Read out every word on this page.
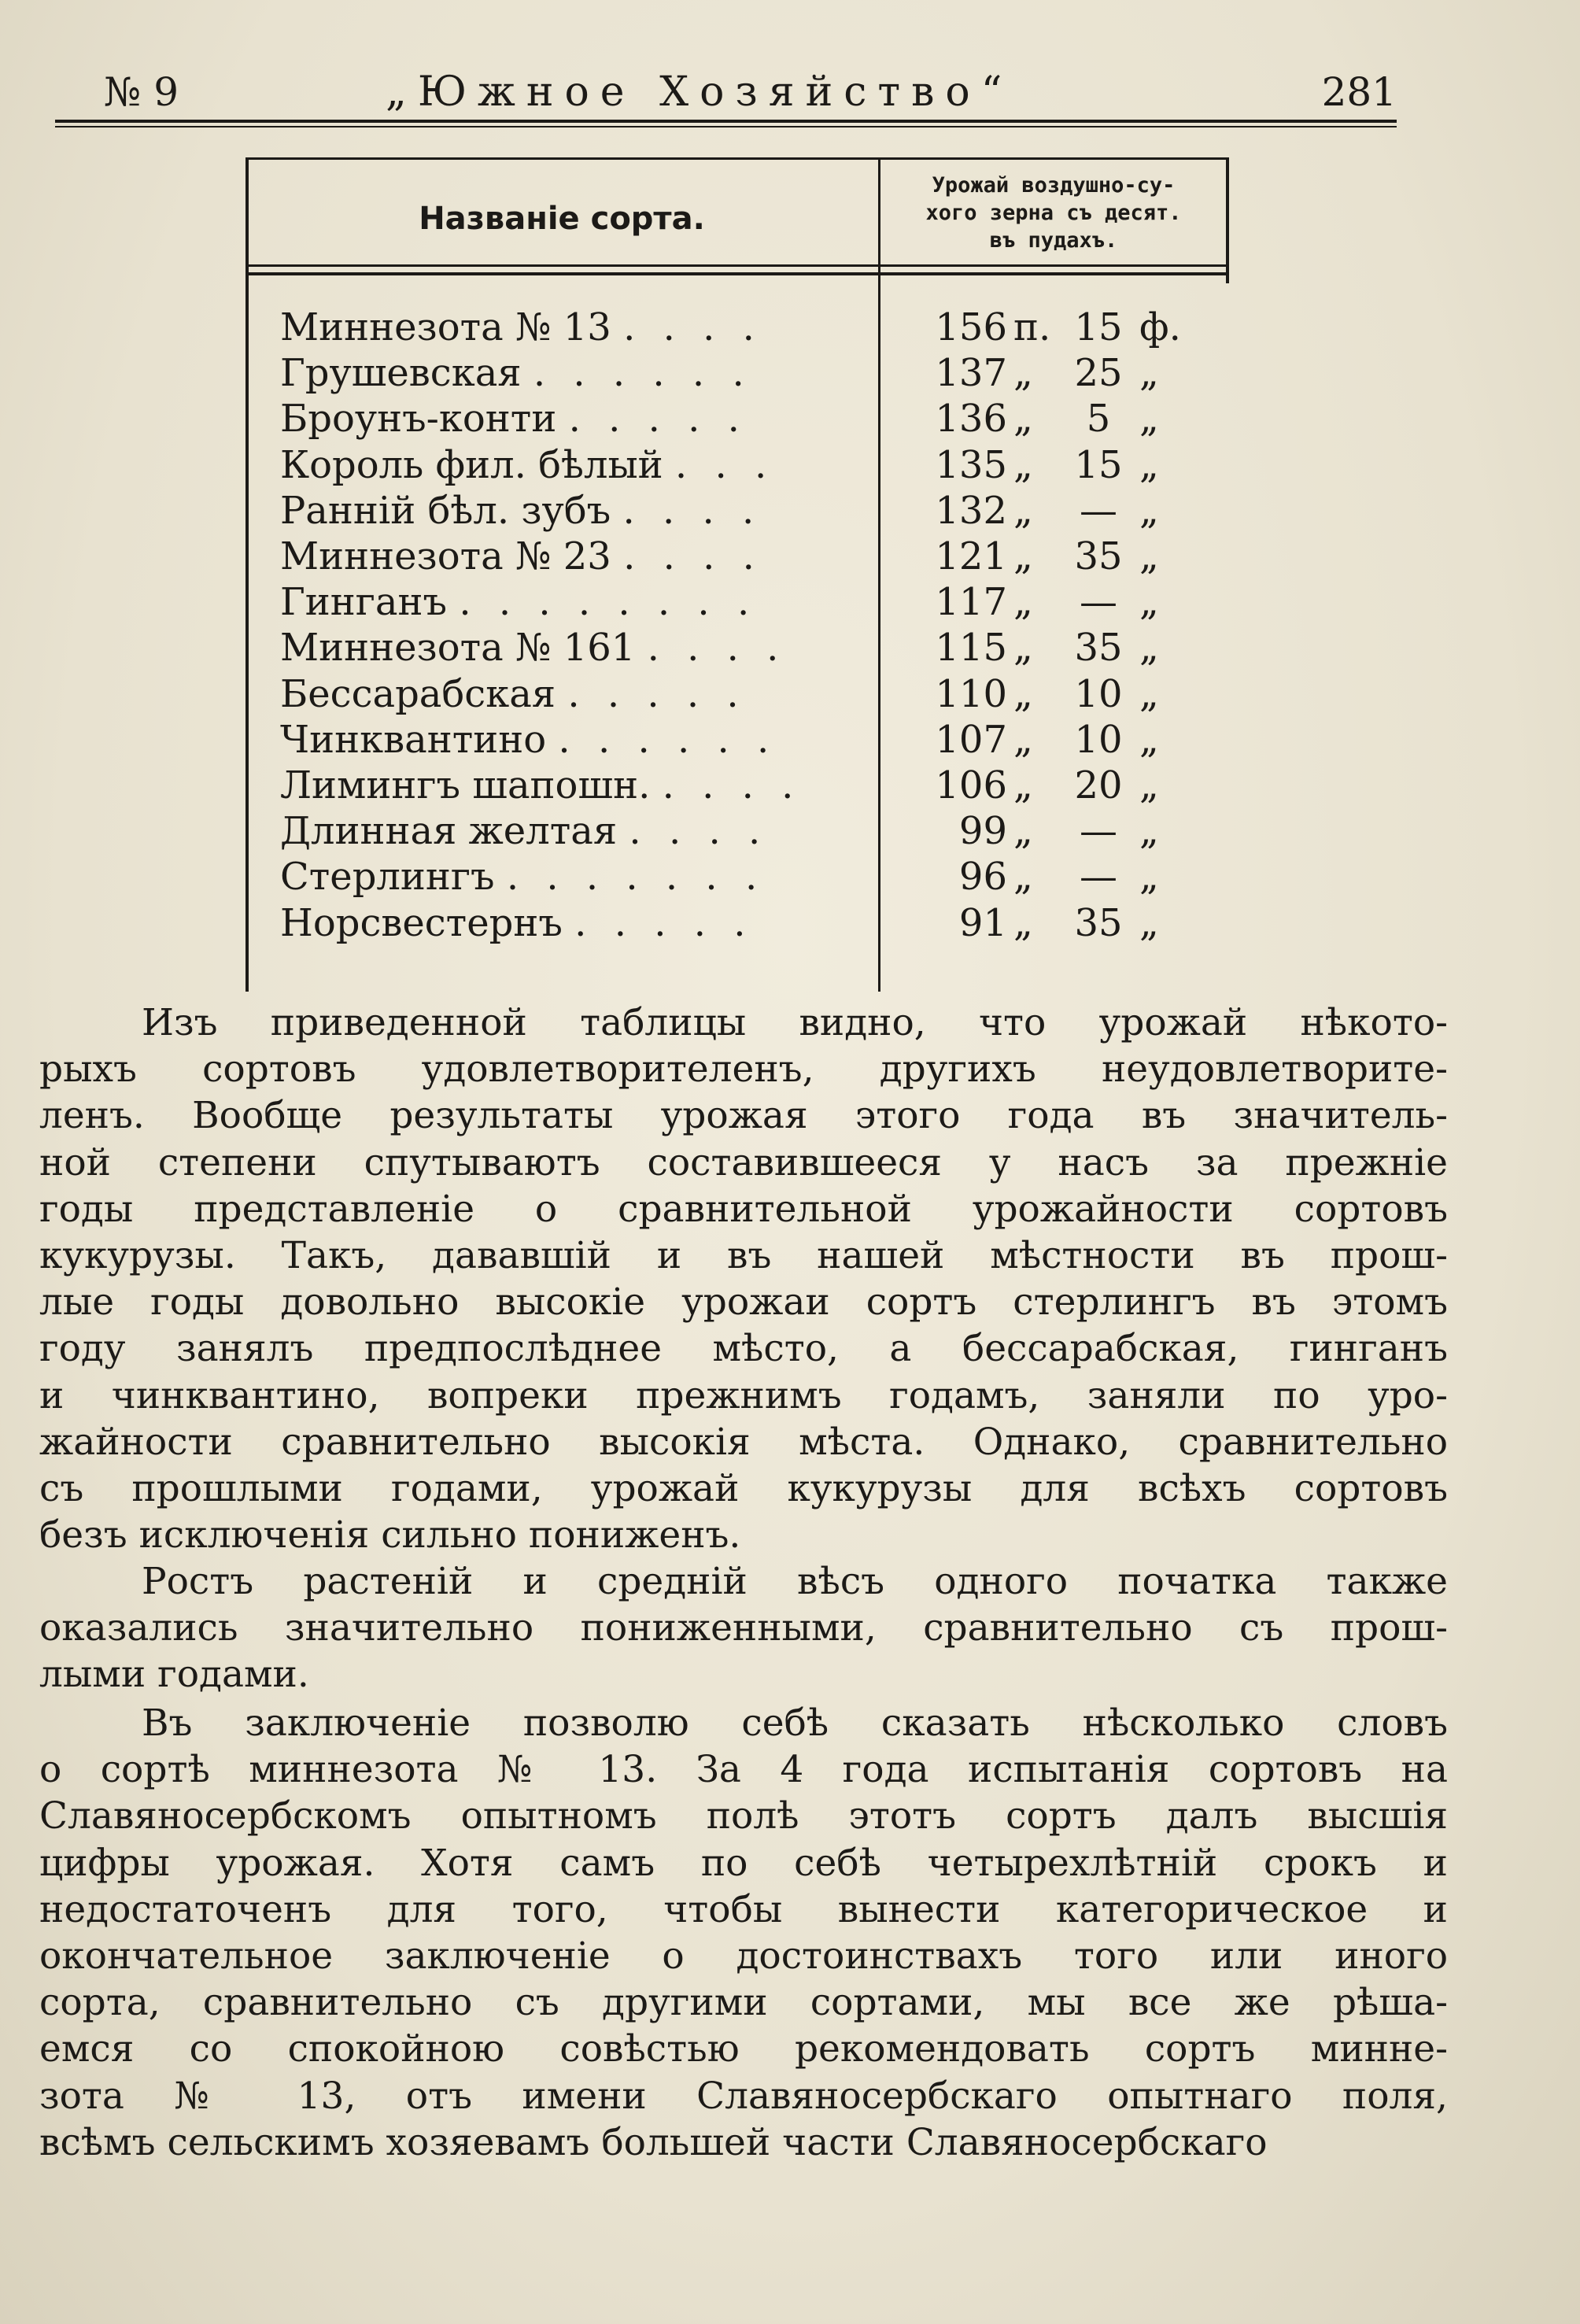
№ 9	„Южное Хозяйство“	281
Названіе сорта.
Урожай воздушно-су-
хого зерна съ десят.
въ пудахъ.
Миннезота № 13 . . . .	156 п. 15 ф.
Грушевская . . . . . .	137 „ 25 „
Броунъ-конти . . . . .	136 „	5 „
Король фил. бѣлый . . .	135 „ 15 „
Раннiй бѣл. зубъ . . . .	132 „	— „
Миннезота № 23 . . . .	121 „ 35 „
Гинганъ . . . . . . . .	117 „	— „
Миннезота № 161 . . . .	115 „ 35 „
Бессарабская . . . . .	110 „ 10 „
Чинквантино . . . . . .	107 „ 10 „
Лимингъ шапошн. . . . .	106 „ 20 „
Длинная желтая . . . .	99 „	— „
Стерлингъ . . . . . . .	96 „	— „
Норсвестернъ . . . . .	91 „ 35 „
Изъ приведенной таблицы видно, что урожай нѣкото-
рыхъ сортовъ удовлетворителенъ, другихъ неудовлетворите-
ленъ. Вообще результаты урожая этого года въ значитель-
ной степени спутываютъ составившееся у насъ за прежнiе
годы представленiе о сравнительной урожайности сортовъ
кукурузы. Такъ, дававшiй и въ нашей мѣстности въ прош-
лые годы довольно высокiе урожаи сортъ стерлингъ въ этомъ
году занялъ предпослѣднее мѣсто, а бессарабская, гинганъ
и чинквантино, вопреки прежнимъ годамъ, заняли по уро-
жайности сравнительно высокiя мѣста. Однако, сравнительно
съ прошлыми годами, урожай кукурузы для всѣхъ сортовъ
безъ исключенiя сильно пониженъ.
Ростъ растенiй и среднiй вѣсъ одного початка также
оказались значительно пониженными, сравнительно съ прош-
лыми годами.
Въ заключенiе позволю себѣ сказать нѣсколько словъ
о сортѣ миннезота № 13. За 4 года испытанiя сортовъ на
Славяносербскомъ опытномъ полѣ этотъ сортъ далъ высшiя
цифры урожая. Хотя самъ по себѣ четырехлѣтнiй срокъ и
недостаточенъ для того, чтобы вынести категорическое и
окончательное заключенiе о достоинствахъ того или иного
сорта, сравнительно съ другими сортами, мы все же рѣша-
емся со спокойною совѣстью рекомендовать сортъ минне-
зота № 13, отъ имени Славяносербскаго опытнаго поля,
всѣмъ сельскимъ хозяевамъ большей части Славяносербскаго
